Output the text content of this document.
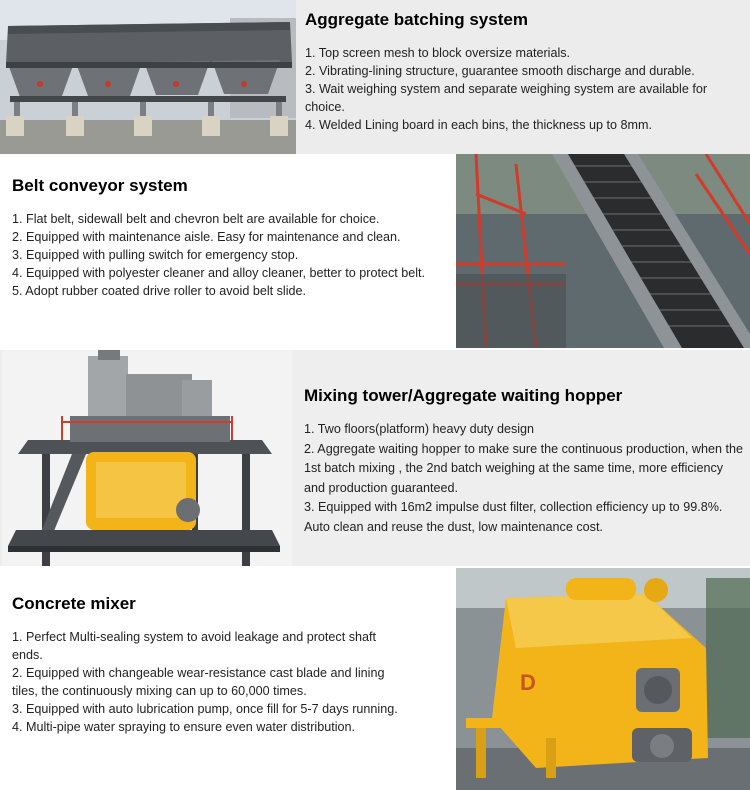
Aggregate batching system

1. Top screen mesh to block oversize materials.

2. Vibrating-lining structure, guarantee smooth discharge and durable.

3. Wait weighing system and separate weighing system are available for choice.

4. Welded Lining board in each bins, the thickness up to 8mm.

Belt conveyor system

1. Flat belt, sidewall belt and chevron belt are available for choice.

2. Equipped with maintenance aisle. Easy for maintenance and clean.

3. Equipped with pulling switch for emergency stop.

4. Equipped with polyester cleaner and alloy cleaner, better to protect belt.

5. Adopt rubber coated drive roller to avoid belt slide.

Mixing tower/Aggregate waiting hopper

1. Two floors(platform) heavy duty design

2. Aggregate waiting hopper to make sure the continuous production, when the 1st batch mixing , the 2nd batch weighing at the same time, more efficiency and production guaranteed.

3. Equipped with 16m2 impulse dust filter, collection efficiency up to 99.8%. Auto clean and reuse the dust, low maintenance cost.

Concrete mixer

1. Perfect Multi-sealing system to avoid leakage and protect shaft ends.

2. Equipped with changeable wear-resistance cast blade and lining tiles, the continuously mixing can up to 60,000 times.

3. Equipped with auto lubrication pump, once fill for 5-7 days running.

4. Multi-pipe water spraying to ensure even water distribution.

D
